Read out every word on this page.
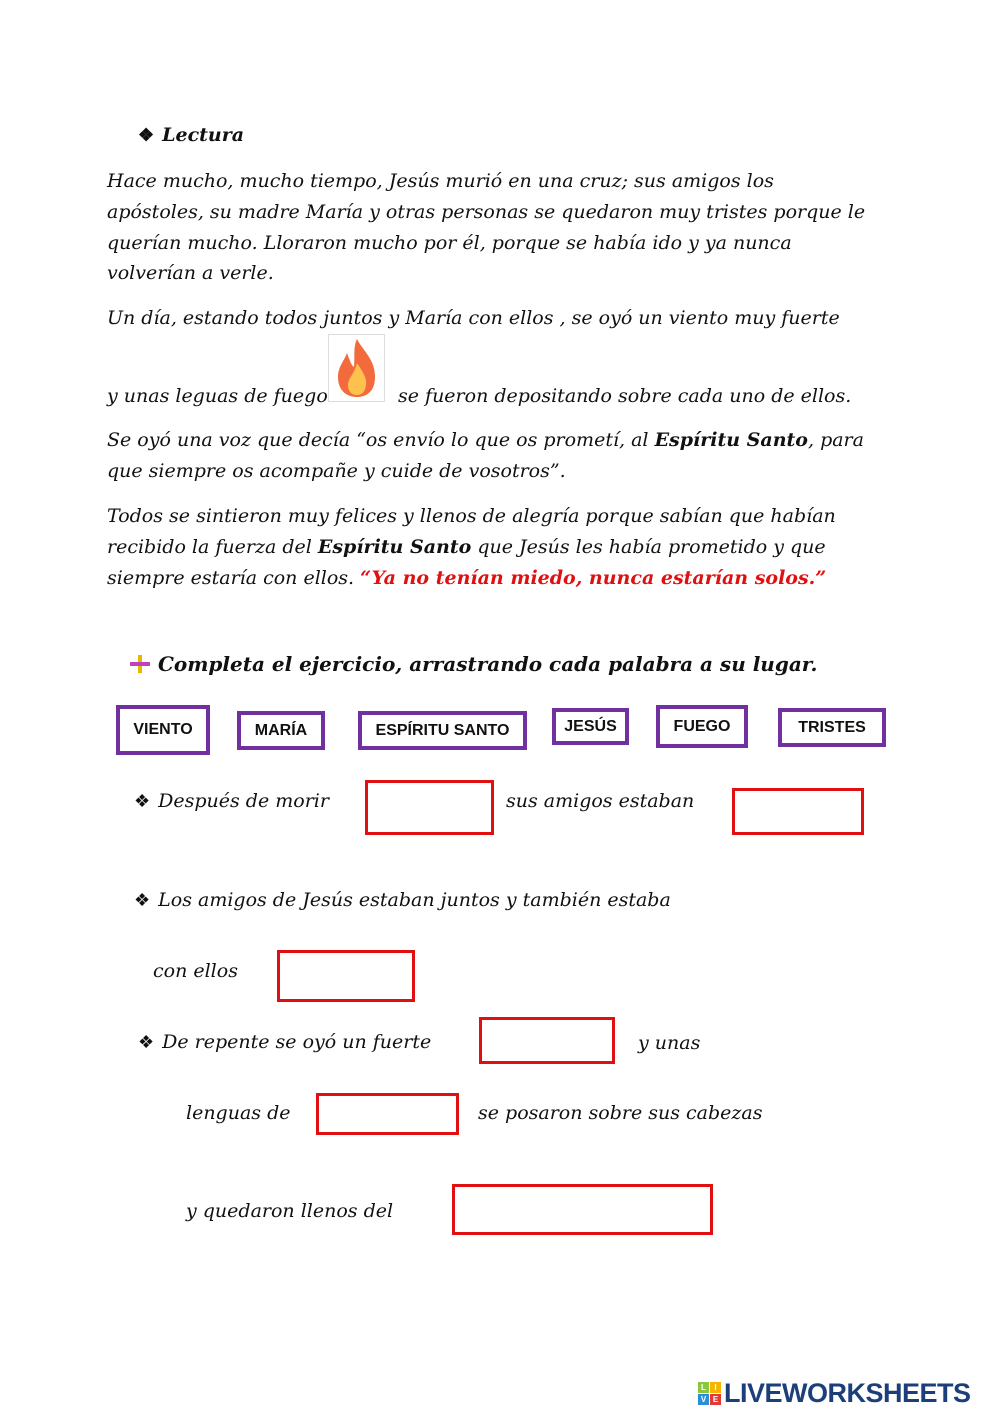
❖ Lectura
Hace mucho, mucho tiempo, Jesús murió en una cruz; sus amigos los
apóstoles, su madre María y otras personas se quedaron muy tristes porque le
querían mucho. Lloraron mucho por él, porque se había ido y ya nunca
volverían a verle.
Un día, estando todos juntos y María con ellos , se oyó un viento muy fuerte
y unas leguas de fuego	se fueron depositando sobre cada uno de ellos.
Se oyó una voz que decía “os envío lo que os prometí, al Espíritu Santo, para
que siempre os acompañe y cuide de vosotros”.
Todos se sintieron muy felices y llenos de alegría porque sabían que habían
recibido la fuerza del Espíritu Santo que Jesús les había prometido y que
siempre estaría con ellos. “Ya no tenían miedo, nunca estarían solos.”
Completa el ejercicio, arrastrando cada palabra a su lugar.
VIENTO	MARÍA	ESPÍRITU SANTO	JESÚS	FUEGO	TRISTES
❖ Después de morir	sus amigos estaban
❖ Los amigos de Jesús estaban juntos y también estaba
con ellos
❖ De repente se oyó un fuerte	y unas
lenguas de	se posaron sobre sus cabezas
y quedaron llenos del
L	I
V E LIVEWORKSHEETS
